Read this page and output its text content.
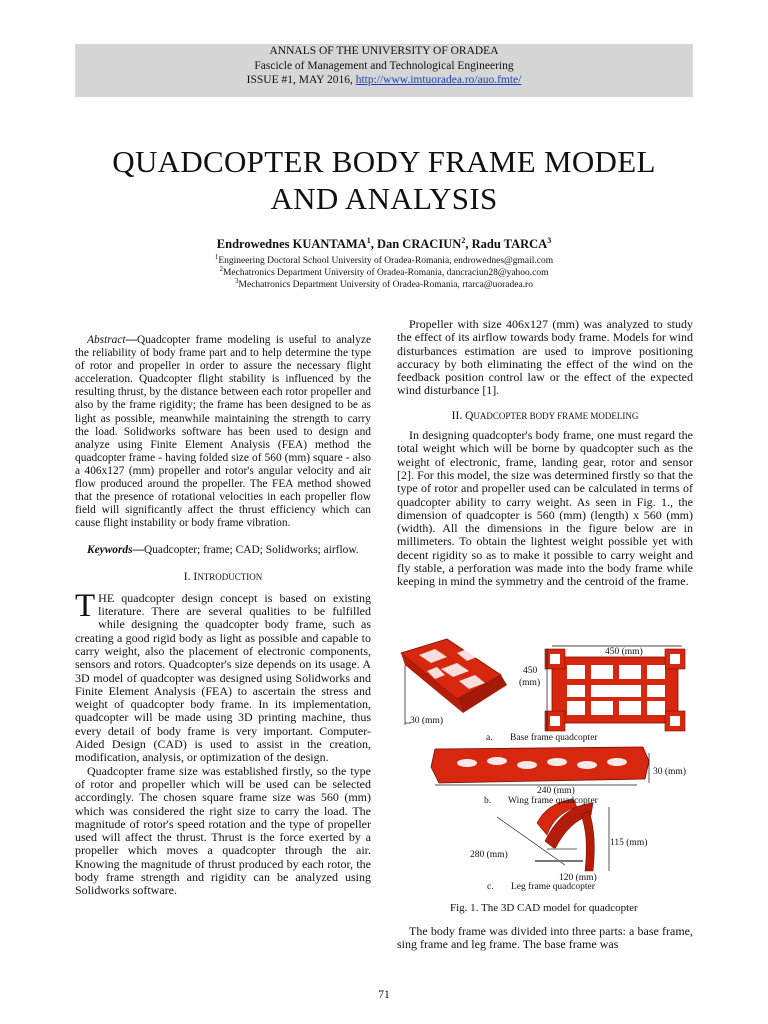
ANNALS OF THE UNIVERSITY OF ORADEA
Fascicle of Management and Technological Engineering
ISSUE #1, MAY 2016, http://www.imtuoradea.ro/auo.fmte/
QUADCOPTER BODY FRAME MODEL
AND ANALYSIS
Endrowednes KUANTAMA$^1$, Dan CRACIUN$^2$, Radu TARCA$^3$
$^1$Engineering Doctoral School University of Oradea-Romania, endrowednes@gmail.com
$^2$Mechatronics Department University of Oradea-Romania, dancraciun28@yahoo.com
$^3$Mechatronics Department University of Oradea-Romania, rtarca@uoradea.ro

Abstract—Quadcopter frame modeling is useful to analyze the reliability of body frame part and to help determine the type of rotor and propeller in order to assure the necessary flight acceleration. Quadcopter flight stability is influenced by the resulting thrust, by the distance between each rotor propeller and also by the frame rigidity; the frame has been designed to be as light as possible, meanwhile maintaining the strength to carry the load. Solidworks software has been used to design and analyze using Finite Element Analysis (FEA) method the quadcopter frame - having folded size of 560 (mm) square - also a 406x127 (mm) propeller and rotor's angular velocity and air flow produced around the propeller. The FEA method showed that the presence of rotational velocities in each propeller flow field will significantly affect the thrust efficiency which can cause flight instability or body frame vibration.

Keywords—Quadcopter; frame; CAD; Solidworks; airflow.

I. INTRODUCTION

THE quadcopter design concept is based on existing literature. There are several qualities to be fulfilled while designing the quadcopter body frame, such as creating a good rigid body as light as possible and capable to carry weight, also the placement of electronic components, sensors and rotors. Quadcopter's size depends on its usage. A 3D model of quadcopter was designed using Solidworks and Finite Element Analysis (FEA) to ascertain the stress and weight of quadcopter body frame. In its implementation, quadcopter will be made using 3D printing machine, thus every detail of body frame is very important. Computer-Aided Design (CAD) is used to assist in the creation, modification, analysis, or optimization of the design.

Quadcopter frame size was established firstly, so the type of rotor and propeller which will be used can be selected accordingly. The chosen square frame size was 560 (mm) which was considered the right size to carry the load. The magnitude of rotor's speed rotation and the type of propeller used will affect the thrust. Thrust is the force exerted by a propeller which moves a quadcopter through the air. Knowing the magnitude of thrust produced by each rotor, the body frame strength and rigidity can be analyzed using Solidworks software.

Propeller with size 406x127 (mm) was analyzed to study the effect of its airflow towards body frame. Models for wind disturbances estimation are used to improve positioning accuracy by both eliminating the effect of the wind on the feedback position control law or the effect of the expected wind disturbance [1].

II. QUADCOPTER BODY FRAME MODELING

In designing quadcopter's body frame, one must regard the total weight which will be borne by quadcopter such as the weight of electronic, frame, landing gear, rotor and sensor [2]. For this model, the size was determined firstly so that the type of rotor and propeller used can be calculated in terms of quadcopter ability to carry weight. As seen in Fig. 1., the dimension of quadcopter is 560 (mm) (length) x 560 (mm) (width). All the dimensions in the figure below are in millimeters. To obtain the lightest weight possible yet with decent rigidity so as to make it possible to carry weight and fly stable, a perforation was made into the body frame while keeping in mind the symmetry and the centroid of the frame.

450 (mm)
450
(mm)
30 (mm)
a. Base frame quadcopter
30 (mm)
240 (mm)
b. Wing frame quadcopter
115 (mm)
280 (mm)
120 (mm)
c. Leg frame quadcopter
Fig. 1. The 3D CAD model for quadcopter

The body frame was divided into three parts: a base frame, sing frame and leg frame. The base frame was

71
